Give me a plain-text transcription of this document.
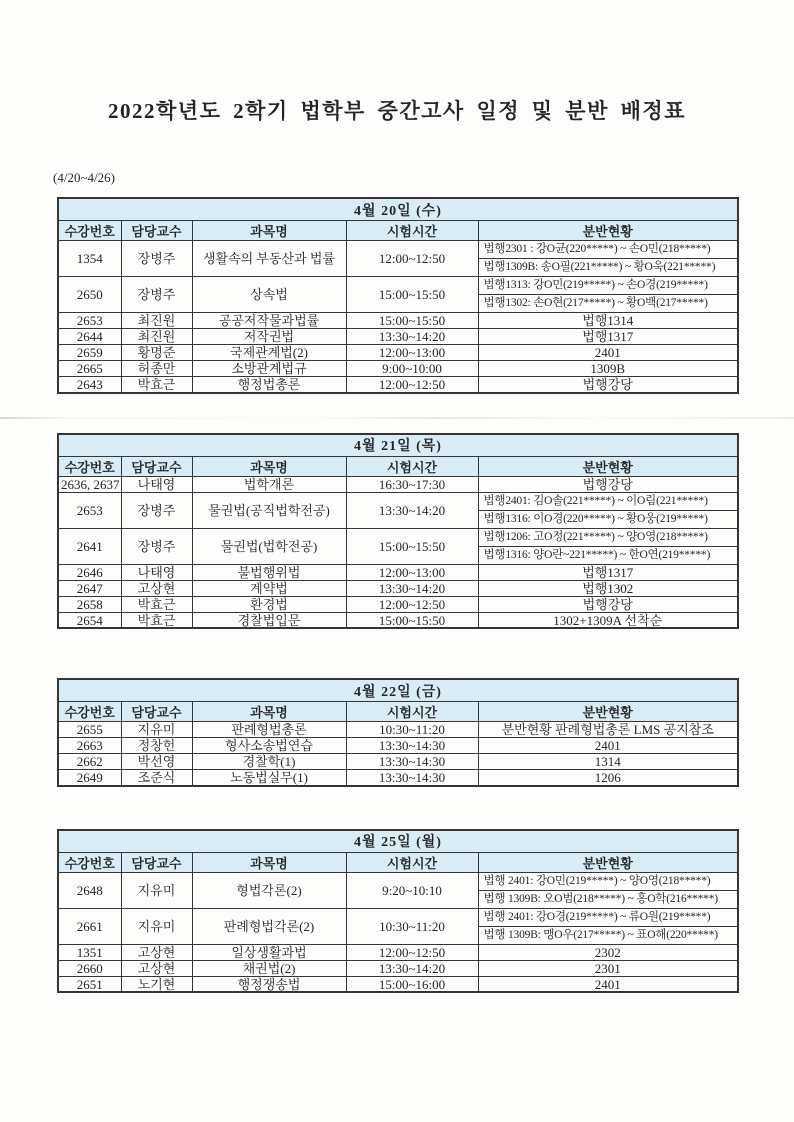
2022학년도 2학기 법학부 중간고사 일정 및 분반 배정표
(4/20~4/26)
4월 20일 (수)				
수강번호	담당교수	과목명	시험시간	분반현황
1354	장병주	생활속의 부동산과 법률	12:00~12:50	법행2301 : 강O균(220*****) ~ 손O민(218*****)
				법행1309B: 송O필(221*****) ~ 황O욱(221*****)
2650	장병주	상속법	15:00~15:50	법행1313: 강O민(219*****) ~ 손O경(219*****)
				법행1302: 손O현(217*****) ~ 황O백(217*****)
2653	최진원	공공저작물과법률	15:00~15:50	법행1314
2644	최진원	저작권법	13:30~14:20	법행1317
2659	황명준	국제관계법(2)	12:00~13:00	2401
2665	허종만	소방관계법규	9:00~10:00	1309B
2643	박효근	행정법총론	12:00~12:50	법행강당
4월 21일 (목)				
수강번호	담당교수	과목명	시험시간	분반현황
2636, 2637	나태영	법학개론	16:30~17:30	법행강당
2653	장병주	물권법(공직법학전공)	13:30~14:20	법행2401: 김O솔(221*****) ~ 이O림(221*****)
				법행1316: 이O경(220*****) ~ 황O웅(219*****)
2641	장병주	물권법(법학전공)	15:00~15:50	법행1206: 고O정(221*****) ~ 양O영(218*****)
				법행1316: 양O란~221*****) ~ 한O연(219*****)
2646	나태영	불법행위법	12:00~13:00	법행1317
2647	고상현	계약법	13:30~14:20	법행1302
2658	박효근	환경법	12:00~12:50	법행강당
2654	박효근	경찰법입문	15:00~15:50	1302+1309A 선착순
4월 22일 (금)				
수강번호	담당교수	과목명	시험시간	분반현황
2655	지유미	판례형법총론	10:30~11:20	분반현황 판례형법총론 LMS 공지참조
2663	정창헌	형사소송법연습	13:30~14:30	2401
2662	박선영	경찰학(1)	13:30~14:30	1314
2649	조준식	노동법실무(1)	13:30~14:30	1206
4월 25일 (월)				
수강번호	담당교수	과목명	시험시간	분반현황
2648	지유미	형법각론(2)	9:20~10:10	법행 2401: 강O민(219*****) ~ 양O영(218*****)
				법행 1309B: 오O범(218*****) ~ 홍O학(216*****)
2661	지유미	판례형법각론(2)	10:30~11:20	법행 2401: 강O경(219*****) ~ 류O원(219*****)
				법행 1309B: 맹O우(217*****) ~ 표O해(220*****)
1351	고상현	일상생활과법	12:00~12:50	2302
2660	고상현	채권법(2)	13:30~14:20	2301
2651	노기현	행정쟁송법	15:00~16:00	2401
